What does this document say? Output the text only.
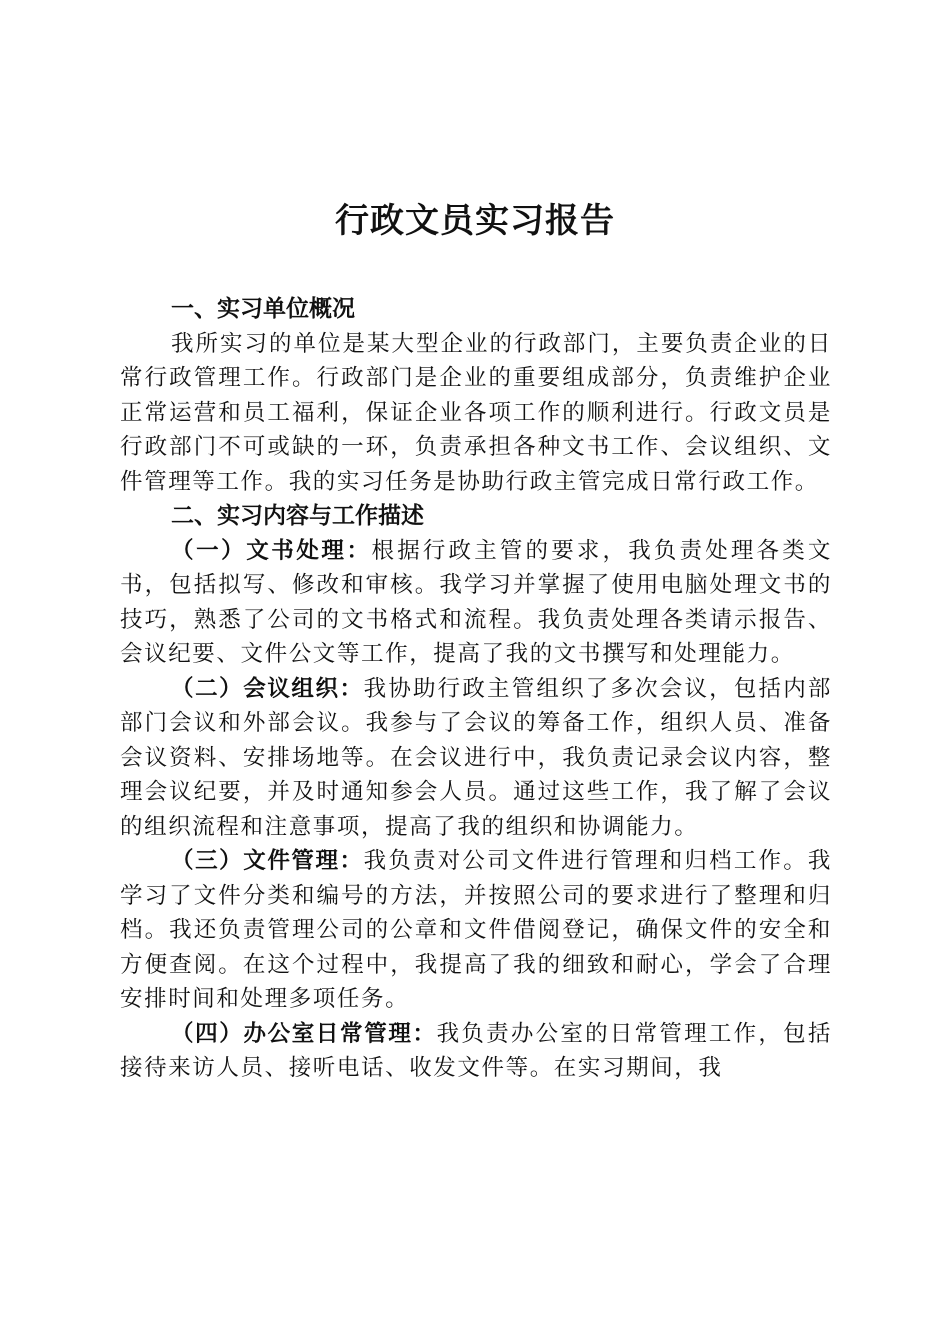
行政文员实习报告
一、实习单位概况

我所实习的单位是某大型企业的行政部门，主要负责企业的日常行政管理工作。行政部门是企业的重要组成部分，负责维护企业正常运营和员工福利，保证企业各项工作的顺利进行。行政文员是行政部门不可或缺的一环，负责承担各种文书工作、会议组织、文件管理等工作。我的实习任务是协助行政主管完成日常行政工作。

二、实习内容与工作描述

（一）文书处理：根据行政主管的要求，我负责处理各类文书，包括拟写、修改和审核。我学习并掌握了使用电脑处理文书的技巧，熟悉了公司的文书格式和流程。我负责处理各类请示报告、会议纪要、文件公文等工作，提高了我的文书撰写和处理能力。

（二）会议组织：我协助行政主管组织了多次会议，包括内部部门会议和外部会议。我参与了会议的筹备工作，组织人员、准备会议资料、安排场地等。在会议进行中，我负责记录会议内容，整理会议纪要，并及时通知参会人员。通过这些工作，我了解了会议的组织流程和注意事项，提高了我的组织和协调能力。

（三）文件管理：我负责对公司文件进行管理和归档工作。我学习了文件分类和编号的方法，并按照公司的要求进行了整理和归档。我还负责管理公司的公章和文件借阅登记，确保文件的安全和方便查阅。在这个过程中，我提高了我的细致和耐心，学会了合理安排时间和处理多项任务。

（四）办公室日常管理：我负责办公室的日常管理工作，包括接待来访人员、接听电话、收发文件等。在实习期间，我
